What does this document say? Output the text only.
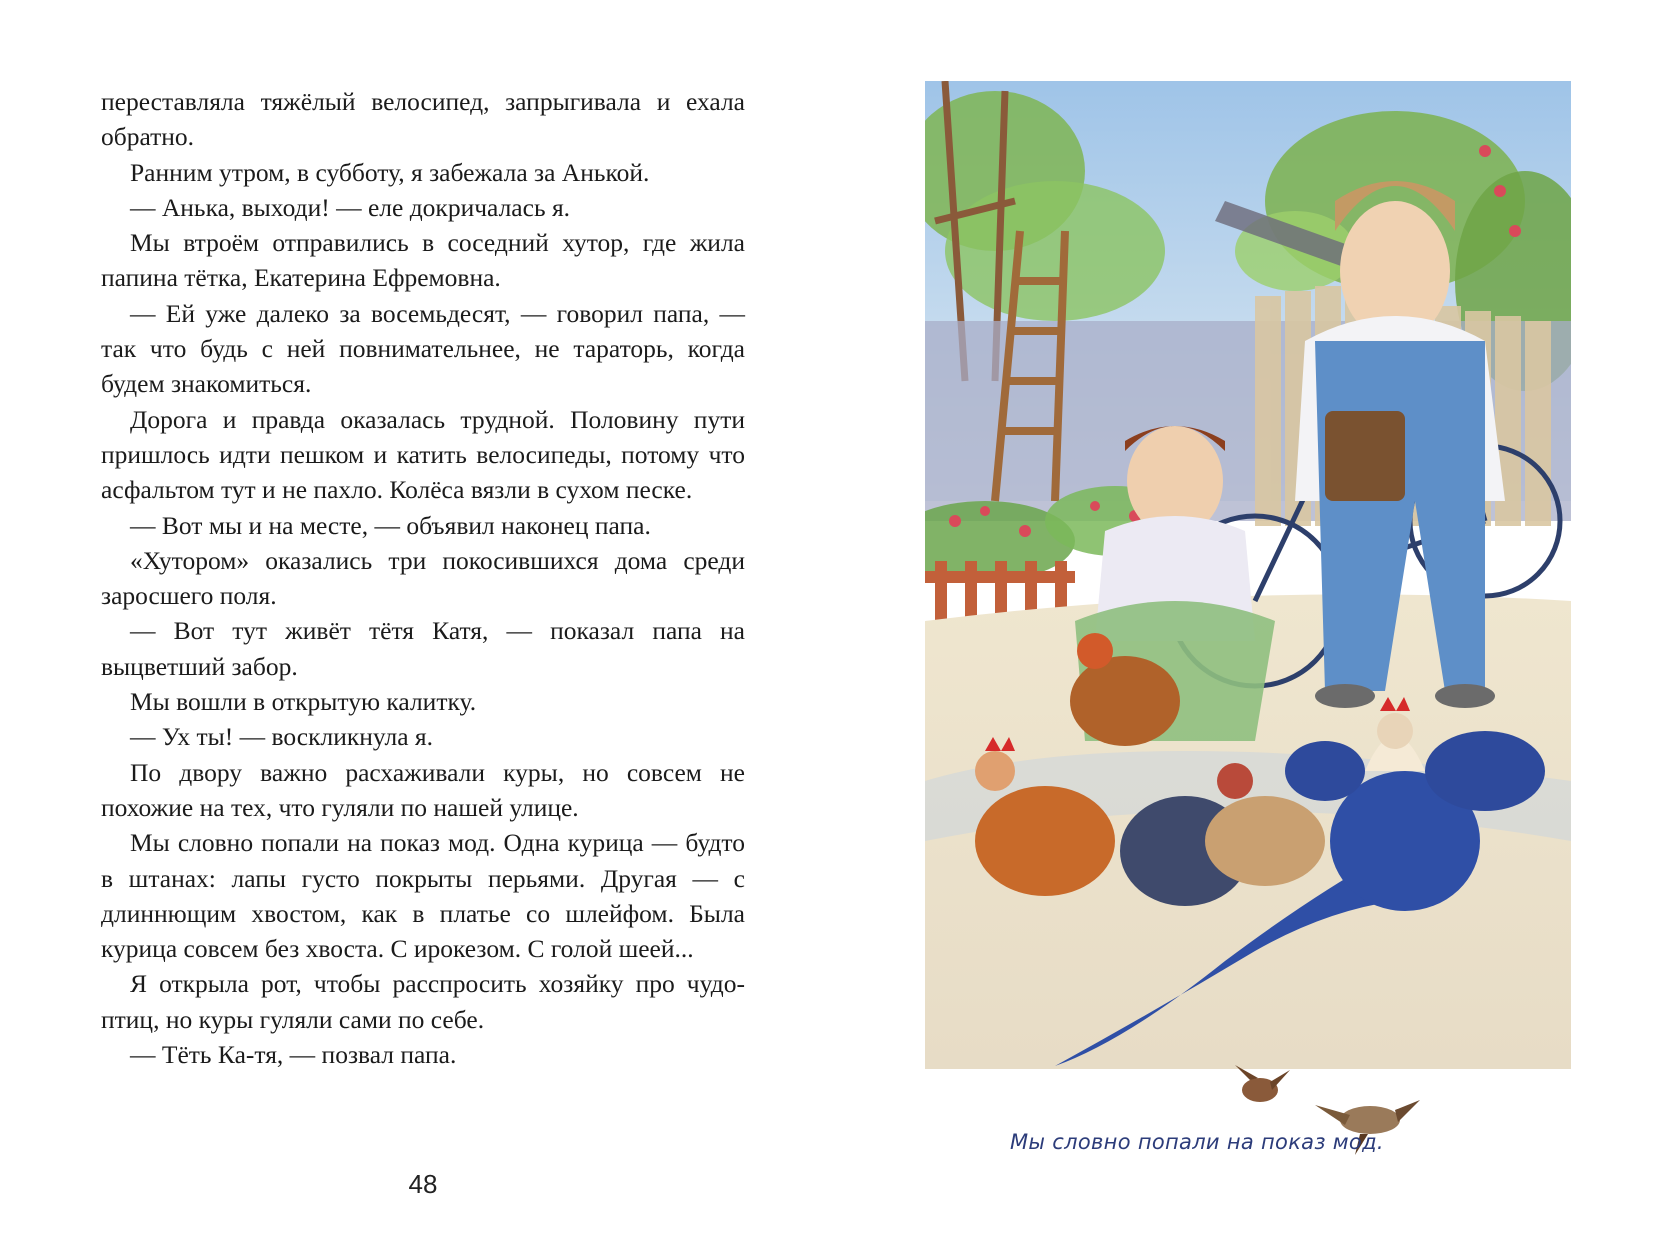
переставляла тяжёлый велосипед, запрыгивала и ехала обратно.

Ранним утром, в субботу, я забежала за Анькой.

— Анька, выходи! — еле докричалась я.

Мы втроём отправились в соседний хутор, где жила папина тётка, Екатерина Ефремовна.

— Ей уже далеко за восемьдесят, — говорил папа, — так что будь с ней повнимательнее, не тараторь, когда будем знакомиться.

Дорога и правда оказалась трудной. Половину пути пришлось идти пешком и катить велосипеды, потому что асфальтом тут и не пахло. Колёса вязли в сухом песке.

— Вот мы и на месте, — объявил наконец папа.

«Хутором» оказались три покосившихся дома среди заросшего поля.

— Вот тут живёт тётя Катя, — показал папа на выцветший забор.

Мы вошли в открытую калитку.

— Ух ты! — воскликнула я.

По двору важно расхаживали куры, но совсем не похожие на тех, что гуляли по нашей улице.

Мы словно попали на показ мод. Одна курица — будто в штанах: лапы густо покрыты перьями. Другая — с длиннющим хвостом, как в платье со шлейфом. Была курица совсем без хвоста. С ирокезом. С голой шеей...

Я открыла рот, чтобы расспросить хозяйку про чудо-птиц, но куры гуляли сами по себе.

— Тёть Ка-тя, — позвал папа.

48
Мы словно попали на показ мод.
